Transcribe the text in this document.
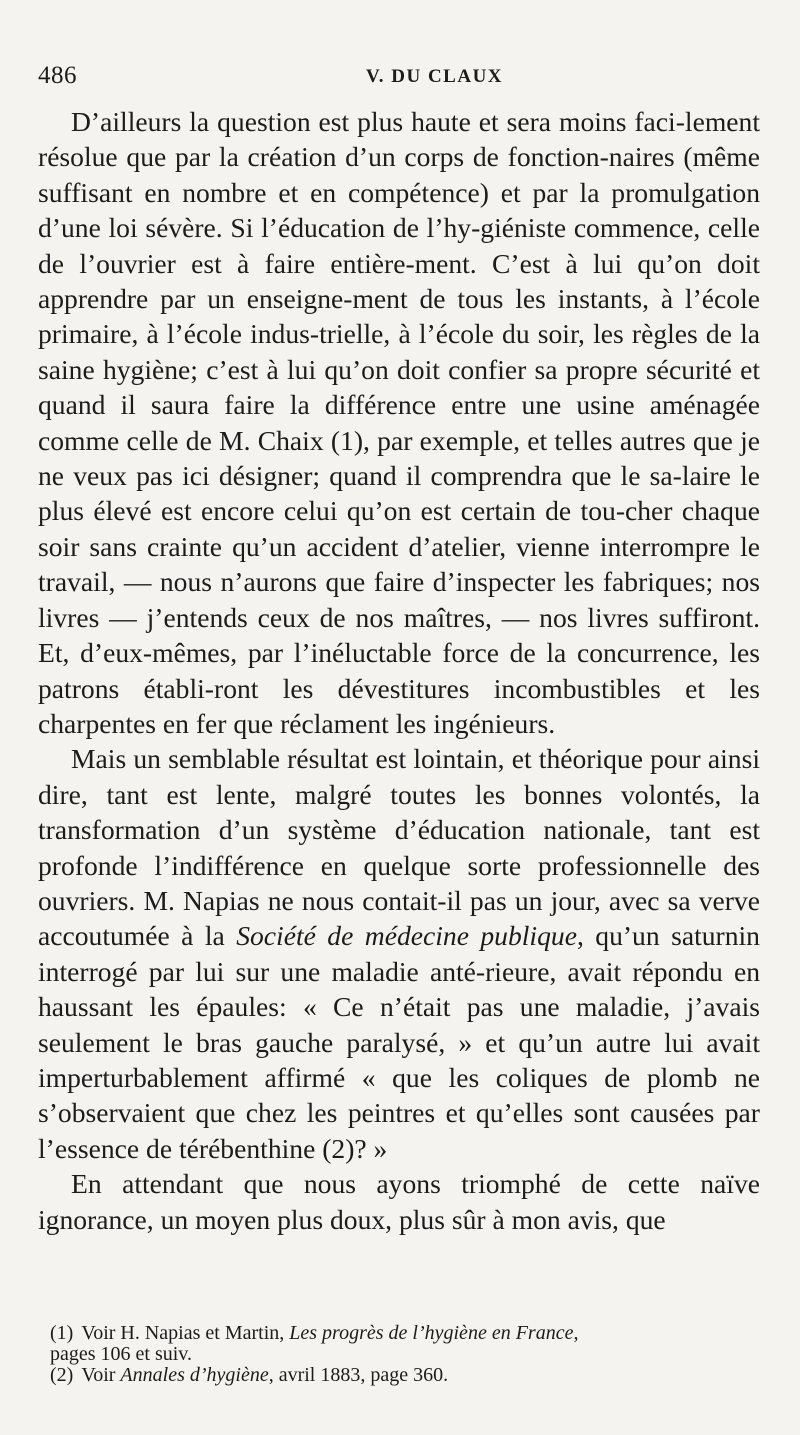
486	V. DU CLAUX

D’ailleurs la question est plus haute et sera moins faci-lement résolue que par la création d’un corps de fonction-naires (même suffisant en nombre et en compétence) et par la promulgation d’une loi sévère. Si l’éducation de l’hy-giéniste commence, celle de l’ouvrier est à faire entière-ment. C’est à lui qu’on doit apprendre par un enseigne-ment de tous les instants, à l’école primaire, à l’école indus-trielle, à l’école du soir, les règles de la saine hygiène; c’est à lui qu’on doit confier sa propre sécurité et quand il saura faire la différence entre une usine aménagée comme celle de M. Chaix (1), par exemple, et telles autres que je ne veux pas ici désigner; quand il comprendra que le sa-laire le plus élevé est encore celui qu’on est certain de tou-cher chaque soir sans crainte qu’un accident d’atelier, vienne interrompre le travail, — nous n’aurons que faire d’inspecter les fabriques; nos livres — j’entends ceux de nos maîtres, — nos livres suffiront. Et, d’eux-mêmes, par l’inéluctable force de la concurrence, les patrons établi-ront les dévestitures incombustibles et les charpentes en fer que réclament les ingénieurs.

Mais un semblable résultat est lointain, et théorique pour ainsi dire, tant est lente, malgré toutes les bonnes volontés, la transformation d’un système d’éducation nationale, tant est profonde l’indifférence en quelque sorte professionnelle des ouvriers. M. Napias ne nous contait-il pas un jour, avec sa verve accoutumée à la Société de médecine publique, qu’un saturnin interrogé par lui sur une maladie anté-rieure, avait répondu en haussant les épaules: « Ce n’était pas une maladie, j’avais seulement le bras gauche paralysé, » et qu’un autre lui avait imperturbablement affirmé « que les coliques de plomb ne s’observaient que chez les peintres et qu’elles sont causées par l’essence de térébenthine (2)? »

En attendant que nous ayons triomphé de cette naïve ignorance, un moyen plus doux, plus sûr à mon avis, que

(1) Voir H. Napias et Martin, Les progrès de l’hygiène en France,
pages 106 et suiv.

(2) Voir Annales d’hygiène, avril 1883, page 360.
